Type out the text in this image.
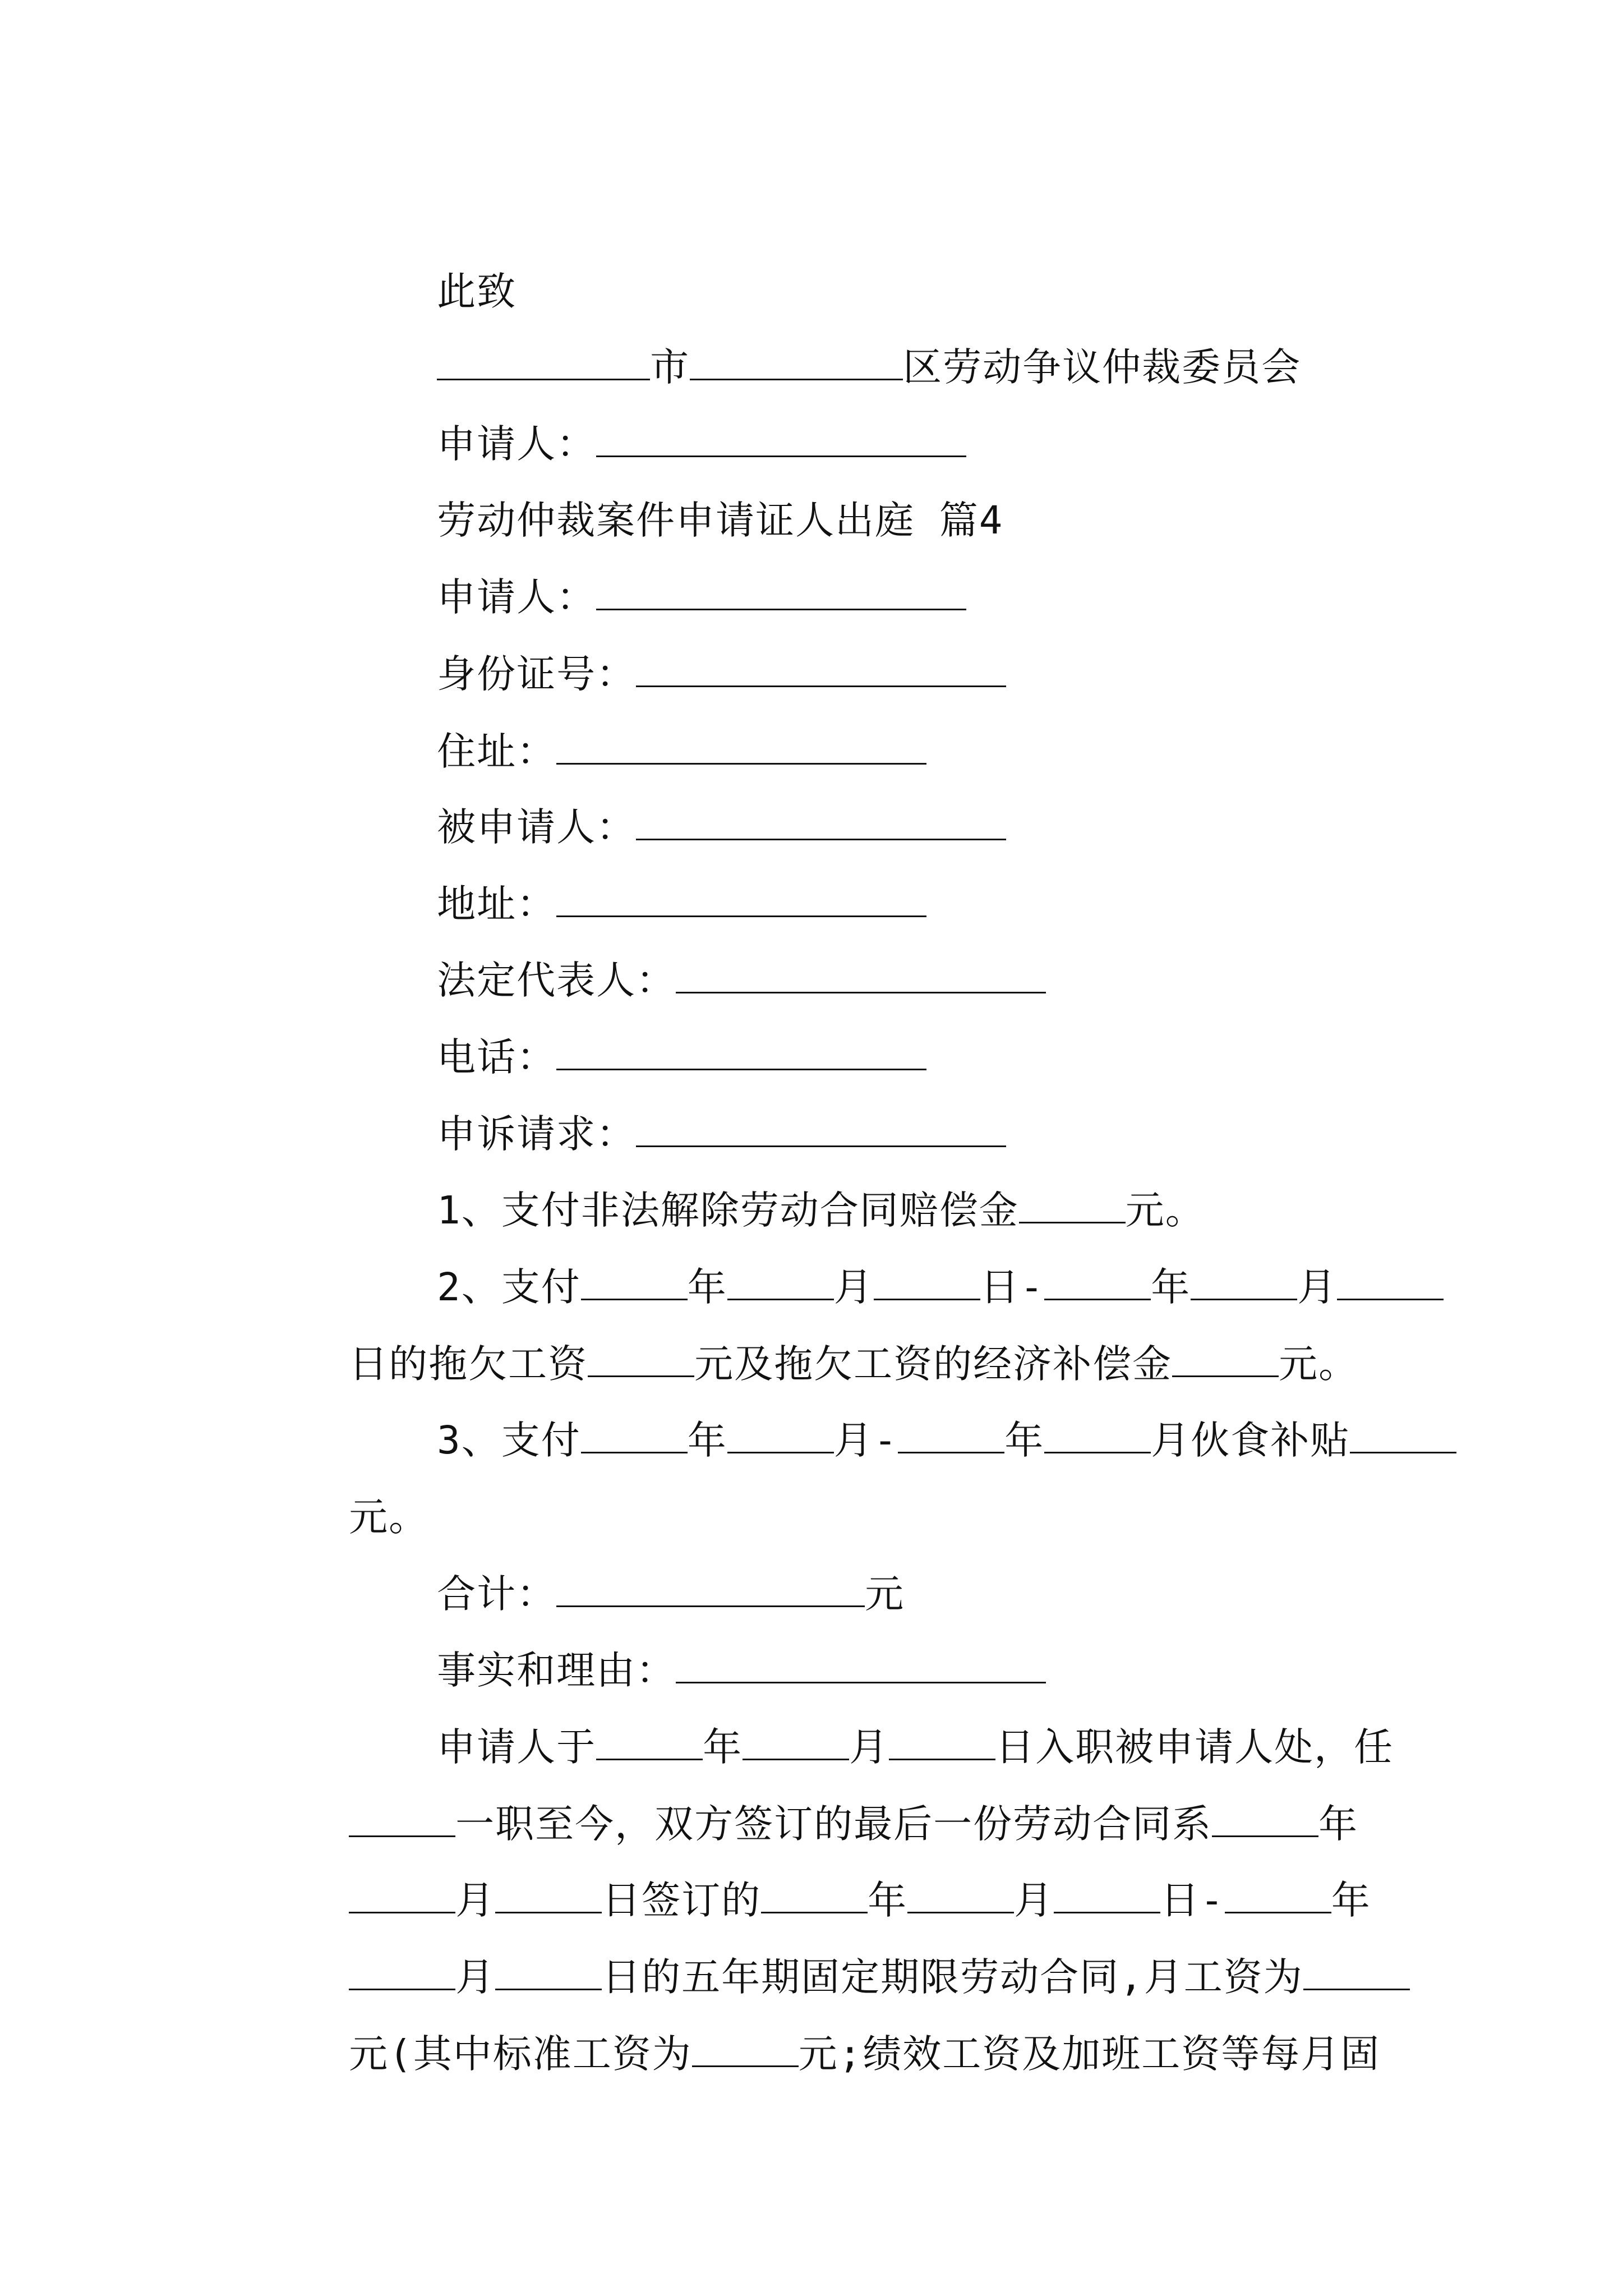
此致

市	区劳动争议仲裁委员会

申请人：

劳动仲裁案件申请证人出庭 篇4

申请人：

身份证号：

住址：

被申请人：

地址：

法定代表人：

电话：

申诉请求：

1、支付非法解除劳动合同赔偿金	元。

2、支付	年	月	日-	年	月

日的拖欠工资	元及拖欠工资的经济补偿金	元。

3、支付	年	月-	年	月伙食补贴

元。

合计：	元

事实和理由：

申请人于	年	月	日入职被申请人处，任

一职至今，双方签订的最后一份劳动合同系	年

月	日签订的	年	月	日-	年

月	日的五年期固定期限劳动合同,月工资为

元(其中标准工资为	元;绩效工资及加班工资等每月固
